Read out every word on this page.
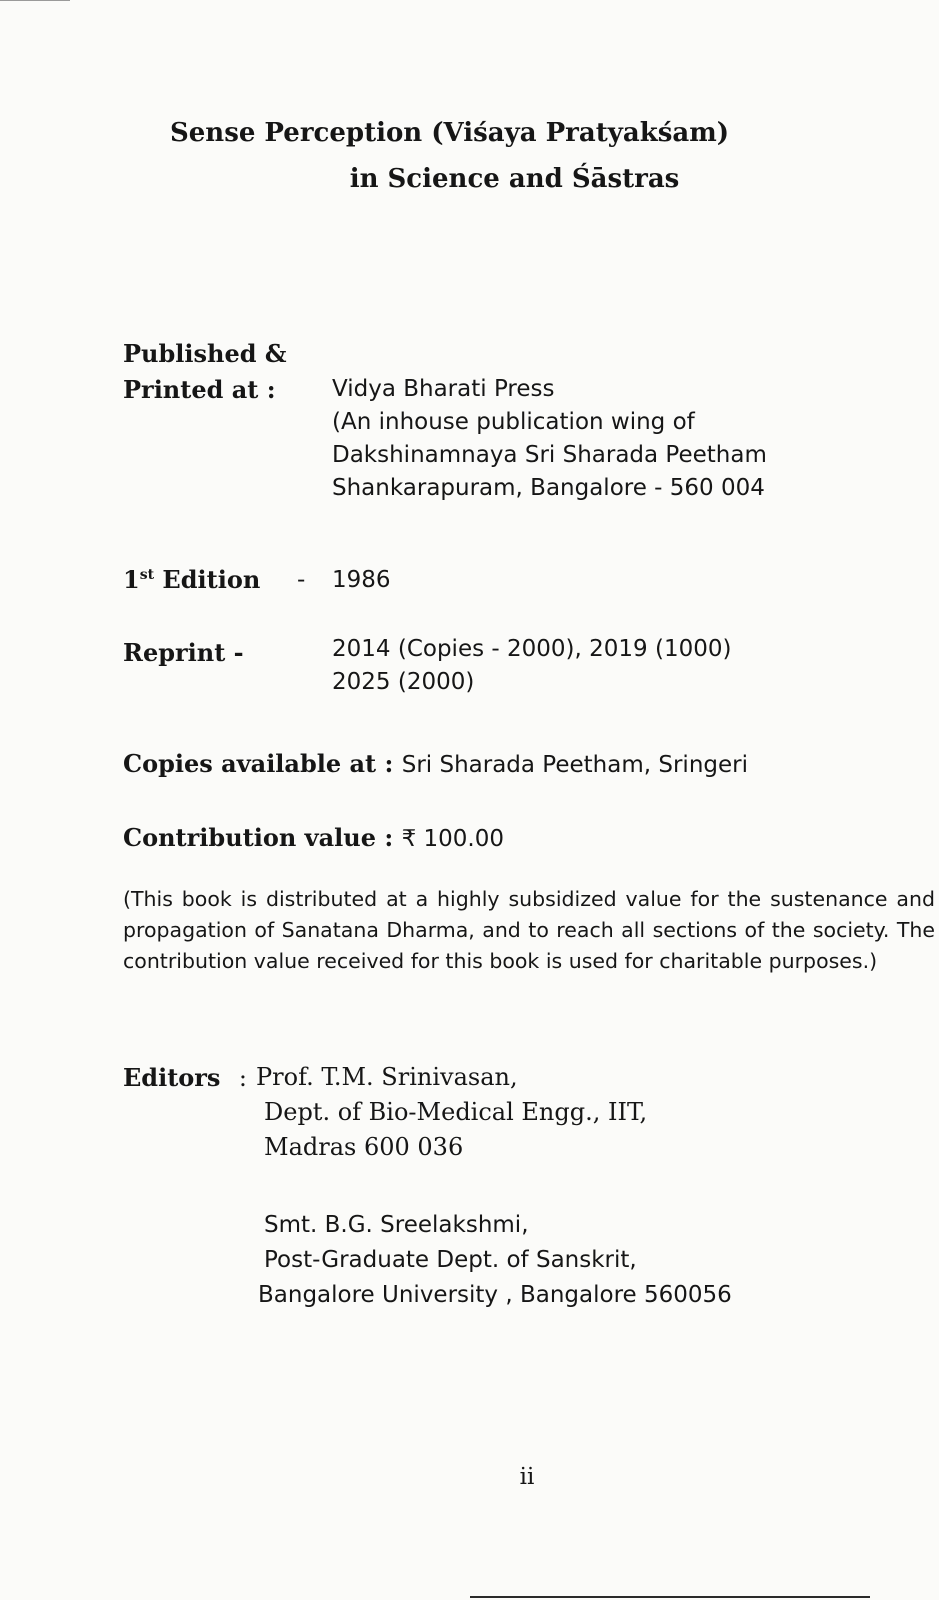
Sense Perception (Viśaya Pratyakśam)
in Science and Śāstras
Published &
Printed at :	Vidya Bharati Press
(An inhouse publication wing of
Dakshinamnaya Sri Sharada Peetham
Shankarapuram, Bangalore - 560 004
1st Edition - 1986
Reprint -	2014 (Copies - 2000), 2019 (1000)
2025 (2000)
Copies available at : Sri Sharada Peetham, Sringeri
Contribution value : ₹ 100.00
(This book is distributed at a highly subsidized value for the sustenance and propagation of Sanatana Dharma, and to reach all sections of the society. The contribution value received for this book is used for charitable purposes.)
Editors : Prof. T.M. Srinivasan,
Dept. of Bio-Medical Engg., IIT,
Madras 600 036
Smt. B.G. Sreelakshmi,
Post-Graduate Dept. of Sanskrit,
Bangalore University , Bangalore 560056
ii
